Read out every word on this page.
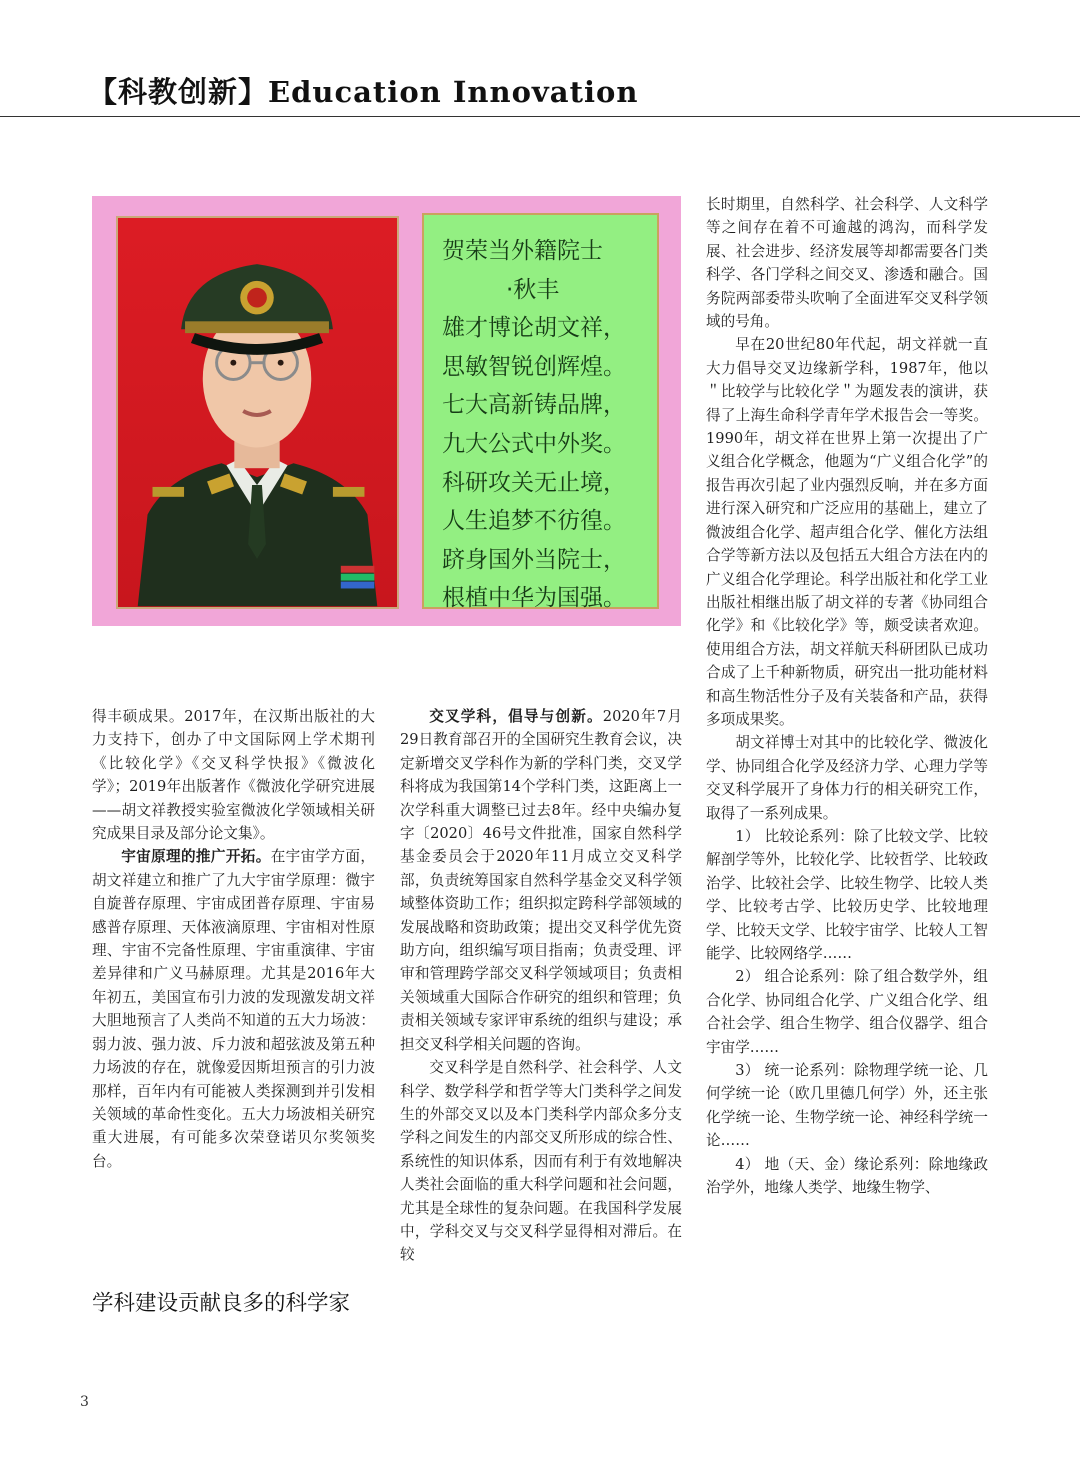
【科教创新】Education Innovation
贺荣当外籍院士
·秋丰
雄才博论胡文祥，
思敏智锐创辉煌。
七大高新铸品牌，
九大公式中外奖。
科研攻关无止境，
人生追梦不彷徨。
跻身国外当院士，
根植中华为国强。

得丰硕成果。2017年，在汉斯出版社的大力支持下，创办了中文国际网上学术期刊《比较化学》《交叉科学快报》《微波化学》；2019年出版著作《微波化学研究进展——胡文祥教授实验室微波化学领域相关研究成果目录及部分论文集》。

宇宙原理的推广开拓。在宇宙学方面，胡文祥建立和推广了九大宇宙学原理：微宇自旋普存原理、宇宙成团普存原理、宇宙易感普存原理、天体液滴原理、宇宙相对性原理、宇宙不完备性原理、宇宙重演律、宇宙差异律和广义马赫原理。尤其是2016年大年初五，美国宣布引力波的发现激发胡文祥大胆地预言了人类尚不知道的五大力场波：弱力波、强力波、斥力波和超弦波及第五种力场波的存在，就像爱因斯坦预言的引力波那样，百年内有可能被人类探测到并引发相关领域的革命性变化。五大力场波相关研究重大进展，有可能多次荣登诺贝尔奖领奖台。

学科建设贡献良多的科学家

交叉学科，倡导与创新。2020年7月29日教育部召开的全国研究生教育会议，决定新增交叉学科作为新的学科门类，交叉学科将成为我国第14个学科门类，这距离上一次学科重大调整已过去8年。经中央编办复字〔2020〕46号文件批准，国家自然科学基金委员会于2020年11月成立交叉科学部，负责统筹国家自然科学基金交叉科学领域整体资助工作；组织拟定跨科学部领域的发展战略和资助政策；提出交叉科学优先资助方向，组织编写项目指南；负责受理、评审和管理跨学部交叉科学领域项目；负责相关领域重大国际合作研究的组织和管理；负责相关领域专家评审系统的组织与建设；承担交叉科学相关问题的咨询。

交叉科学是自然科学、社会科学、人文科学、数学科学和哲学等大门类科学之间发生的外部交叉以及本门类科学内部众多分支学科之间发生的内部交叉所形成的综合性、系统性的知识体系，因而有利于有效地解决人类社会面临的重大科学问题和社会问题，尤其是全球性的复杂问题。在我国科学发展中，学科交叉与交叉科学显得相对滞后。在较

长时期里，自然科学、社会科学、人文科学等之间存在着不可逾越的鸿沟，而科学发展、社会进步、经济发展等却都需要各门类科学、各门学科之间交叉、渗透和融合。国务院两部委带头吹响了全面进军交叉科学领域的号角。

早在20世纪80年代起，胡文祥就一直大力倡导交叉边缘新学科，1987年，他以＂比较学与比较化学＂为题发表的演讲，获得了上海生命科学青年学术报告会一等奖。1990年，胡文祥在世界上第一次提出了广义组合化学概念，他题为“广义组合化学”的报告再次引起了业内强烈反响，并在多方面进行深入研究和广泛应用的基础上，建立了微波组合化学、超声组合化学、催化方法组合学等新方法以及包括五大组合方法在内的广义组合化学理论。科学出版社和化学工业出版社相继出版了胡文祥的专著《协同组合化学》和《比较化学》等，颇受读者欢迎。使用组合方法，胡文祥航天科研团队已成功合成了上千种新物质，研究出一批功能材料和高生物活性分子及有关装备和产品，获得多项成果奖。

胡文祥博士对其中的比较化学、微波化学、协同组合化学及经济力学、心理力学等交叉科学展开了身体力行的相关研究工作，取得了一系列成果。

1） 比较论系列：除了比较文学、比较解剖学等外，比较化学、比较哲学、比较政治学、比较社会学、比较生物学、比较人类学、比较考古学、比较历史学、比较地理学、比较天文学、比较宇宙学、比较人工智能学、比较网络学……

2） 组合论系列：除了组合数学外，组合化学、协同组合化学、广义组合化学、组合社会学、组合生物学、组合仪器学、组合宇宙学……

3） 统一论系列：除物理学统一论、几何学统一论（欧几里德几何学）外，还主张化学统一论、生物学统一论、神经科学统一论……

4） 地（天、金）缘论系列：除地缘政治学外，地缘人类学、地缘生物学、

3
